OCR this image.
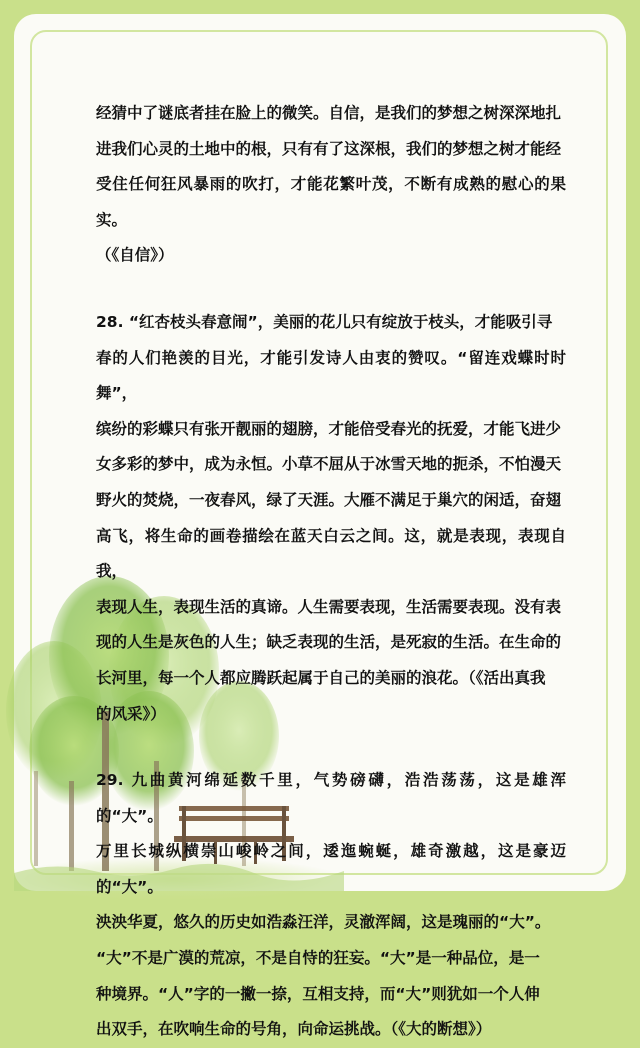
经猜中了谜底者挂在脸上的微笑。自信，是我们的梦想之树深深地扎
进我们心灵的土地中的根，只有有了这深根，我们的梦想之树才能经
受住任何狂风暴雨的吹打，才能花繁叶茂，不断有成熟的慰心的果实。
（《自信》）

28. “红杏枝头春意闹”，美丽的花儿只有绽放于枝头，才能吸引寻
春的人们艳羡的目光，才能引发诗人由衷的赞叹。“留连戏蝶时时舞”，
缤纷的彩蝶只有张开靓丽的翅膀，才能倍受春光的抚爱，才能飞进少
女多彩的梦中，成为永恒。小草不屈从于冰雪天地的扼杀，不怕漫天
野火的焚烧，一夜春风，绿了天涯。大雁不满足于巢穴的闲适，奋翅
高飞，将生命的画卷描绘在蓝天白云之间。这，就是表现，表现自我，
表现人生，表现生活的真谛。人生需要表现，生活需要表现。没有表
现的人生是灰色的人生；缺乏表现的生活，是死寂的生活。在生命的
长河里，每一个人都应腾跃起属于自己的美丽的浪花。（《活出真我
的风采》）

29. 九曲黄河绵延数千里，气势磅礴，浩浩荡荡，这是雄浑的“大”。
万里长城纵横崇山峻岭之间，逶迤蜿蜒，雄奇激越，这是豪迈的“大”。
泱泱华夏，悠久的历史如浩淼汪洋，灵澈浑阔，这是瑰丽的“大”。
“大”不是广漠的荒凉，不是自恃的狂妄。“大”是一种品位，是一
种境界。“人”字的一撇一捺，互相支持，而“大”则犹如一个人伸
出双手，在吹响生命的号角，向命运挑战。（《大的断想》）
